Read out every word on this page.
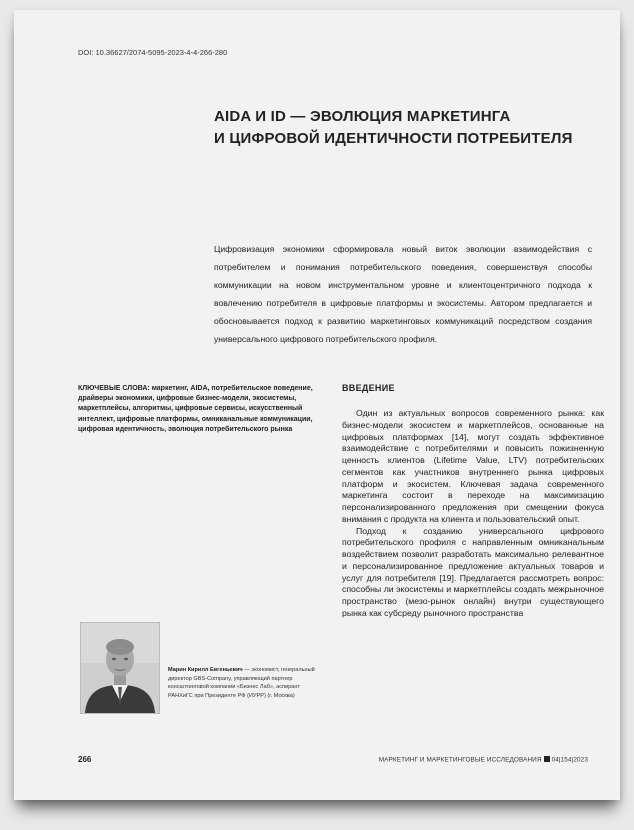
DOI: 10.36627/2074-5095-2023-4-4-266-280
AIDA И ID — ЭВОЛЮЦИЯ МАРКЕТИНГА
И ЦИФРОВОЙ ИДЕНТИЧНОСТИ ПОТРЕБИТЕЛЯ
Цифровизация экономики сформировала новый виток эволюции взаимодействия с потребителем и понимания потребительского поведения, совершенствуя способы коммуникации на новом инструментальном уровне и клиентоцентричного подхода к вовлечению потребителя в цифровые платформы и экосистемы. Автором предлагается и обосновывается подход к развитию маркетинговых коммуникаций посредством создания универсального цифрового потребительского профиля.
КЛЮЧЕВЫЕ СЛОВА: маркетинг, AIDA, потребительское поведение, драйверы экономики, цифровые бизнес-модели, экосистемы, маркетплейсы, алгоритмы, цифровые сервисы, искусственный интеллект, цифровые платформы, омниканальные коммуникации, цифровая идентичность, эволюция потребительского рынка
ВВЕДЕНИЕ

Один из актуальных вопросов современного рынка: как бизнес-модели экосистем и маркетплейсов, основанные на цифровых платформах [14], могут создать эффективное взаимодействие с потребителями и повысить пожизненную ценность клиентов (Lifetime Value, LTV) потребительских сегментов как участников внутреннего рынка цифровых платформ и экосистем. Ключевая задача современного маркетинга состоит в переходе на максимизацию персонализированного предложения при смещении фокуса внимания с продукта на клиента и пользовательский опыт.

Подход к созданию универсального цифрового потребительского профиля с направленным омниканальным воздействием позволит разработать максимально релевантное и персонализированное предложение актуальных товаров и услуг для потребителя [19]. Предлагается рассмотреть вопрос: способны ли экосистемы и маркетплейсы создать межрыночное пространство (мезо-рынок онлайн) внутри существующего рынка как субсреду рыночного пространства

Марин Кирилл Евгеньевич — экономист, генеральный директор GBS-Company, управляющий партнер консалтинговой компании «Бизнес Лаб», аспирант РАНХиГС при Президенте РФ (ИУРР) (г. Москва)
266	МАРКЕТИНГ И МАРКЕТИНГОВЫЕ ИССЛЕДОВАНИЯ 04|154|2023
